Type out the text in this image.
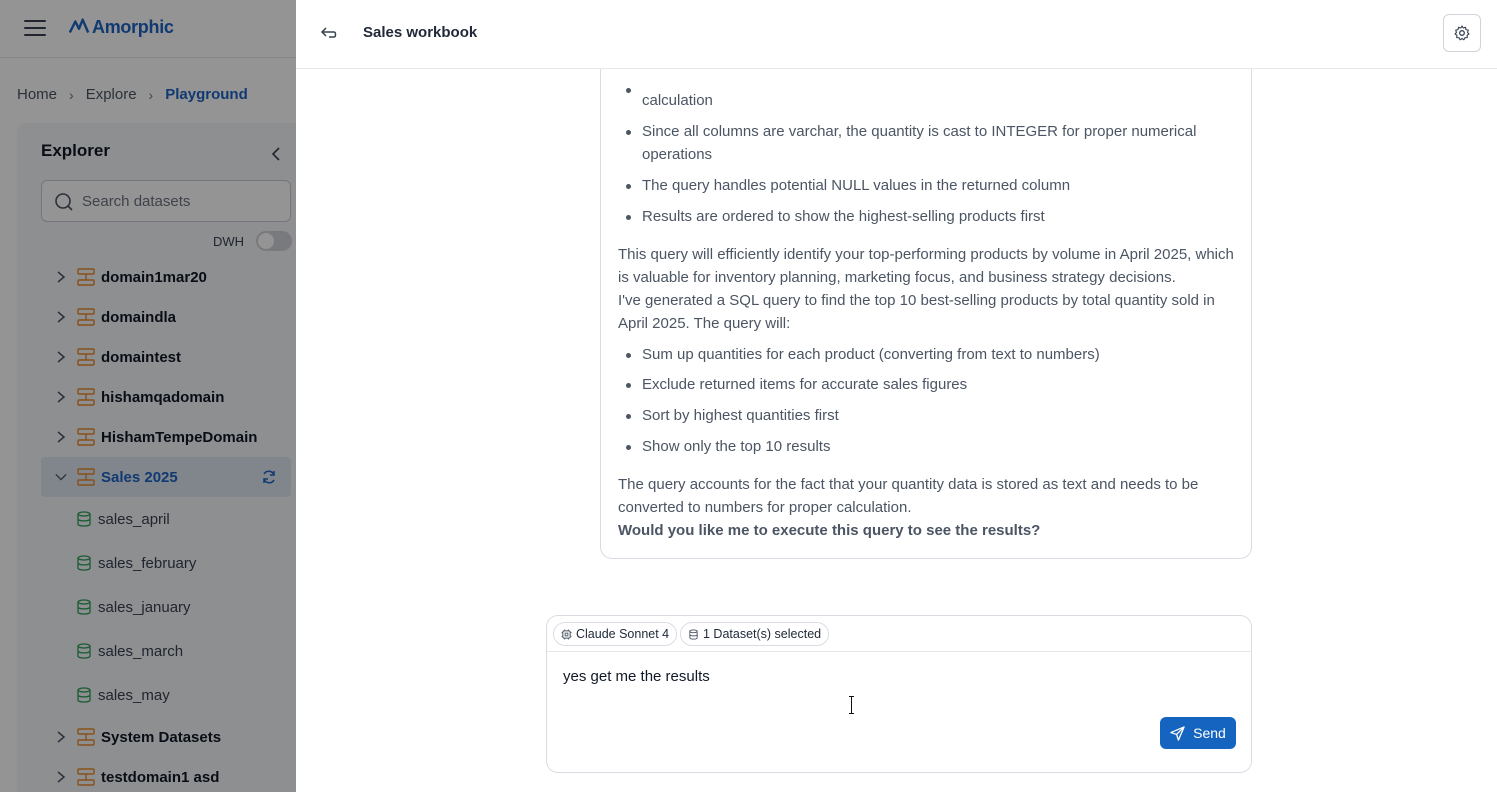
Amorphic
Home › Explore › Playground
Explorer
Search datasets
DWH
domain1mar20
domaindla
domaintest
hishamqadomain
HishamTempeDomain
Sales 2025
sales_april
sales_february
sales_january
sales_march
sales_may
System Datasets
testdomain1 asd
Sales workbook
calculation
Since all columns are varchar, the quantity is cast to INTEGER for proper numerical
operations
The query handles potential NULL values in the returned column
Results are ordered to show the highest-selling products first
This query will efficiently identify your top-performing products by volume in April 2025, which
is valuable for inventory planning, marketing focus, and business strategy decisions.
I've generated a SQL query to find the top 10 best-selling products by total quantity sold in
April 2025. The query will:
Sum up quantities for each product (converting from text to numbers)
Exclude returned items for accurate sales figures
Sort by highest quantities first
Show only the top 10 results
The query accounts for the fact that your quantity data is stored as text and needs to be
converted to numbers for proper calculation.
Would you like me to execute this query to see the results?
Claude Sonnet 4	1 Dataset(s) selected
yes get me the results
Send
